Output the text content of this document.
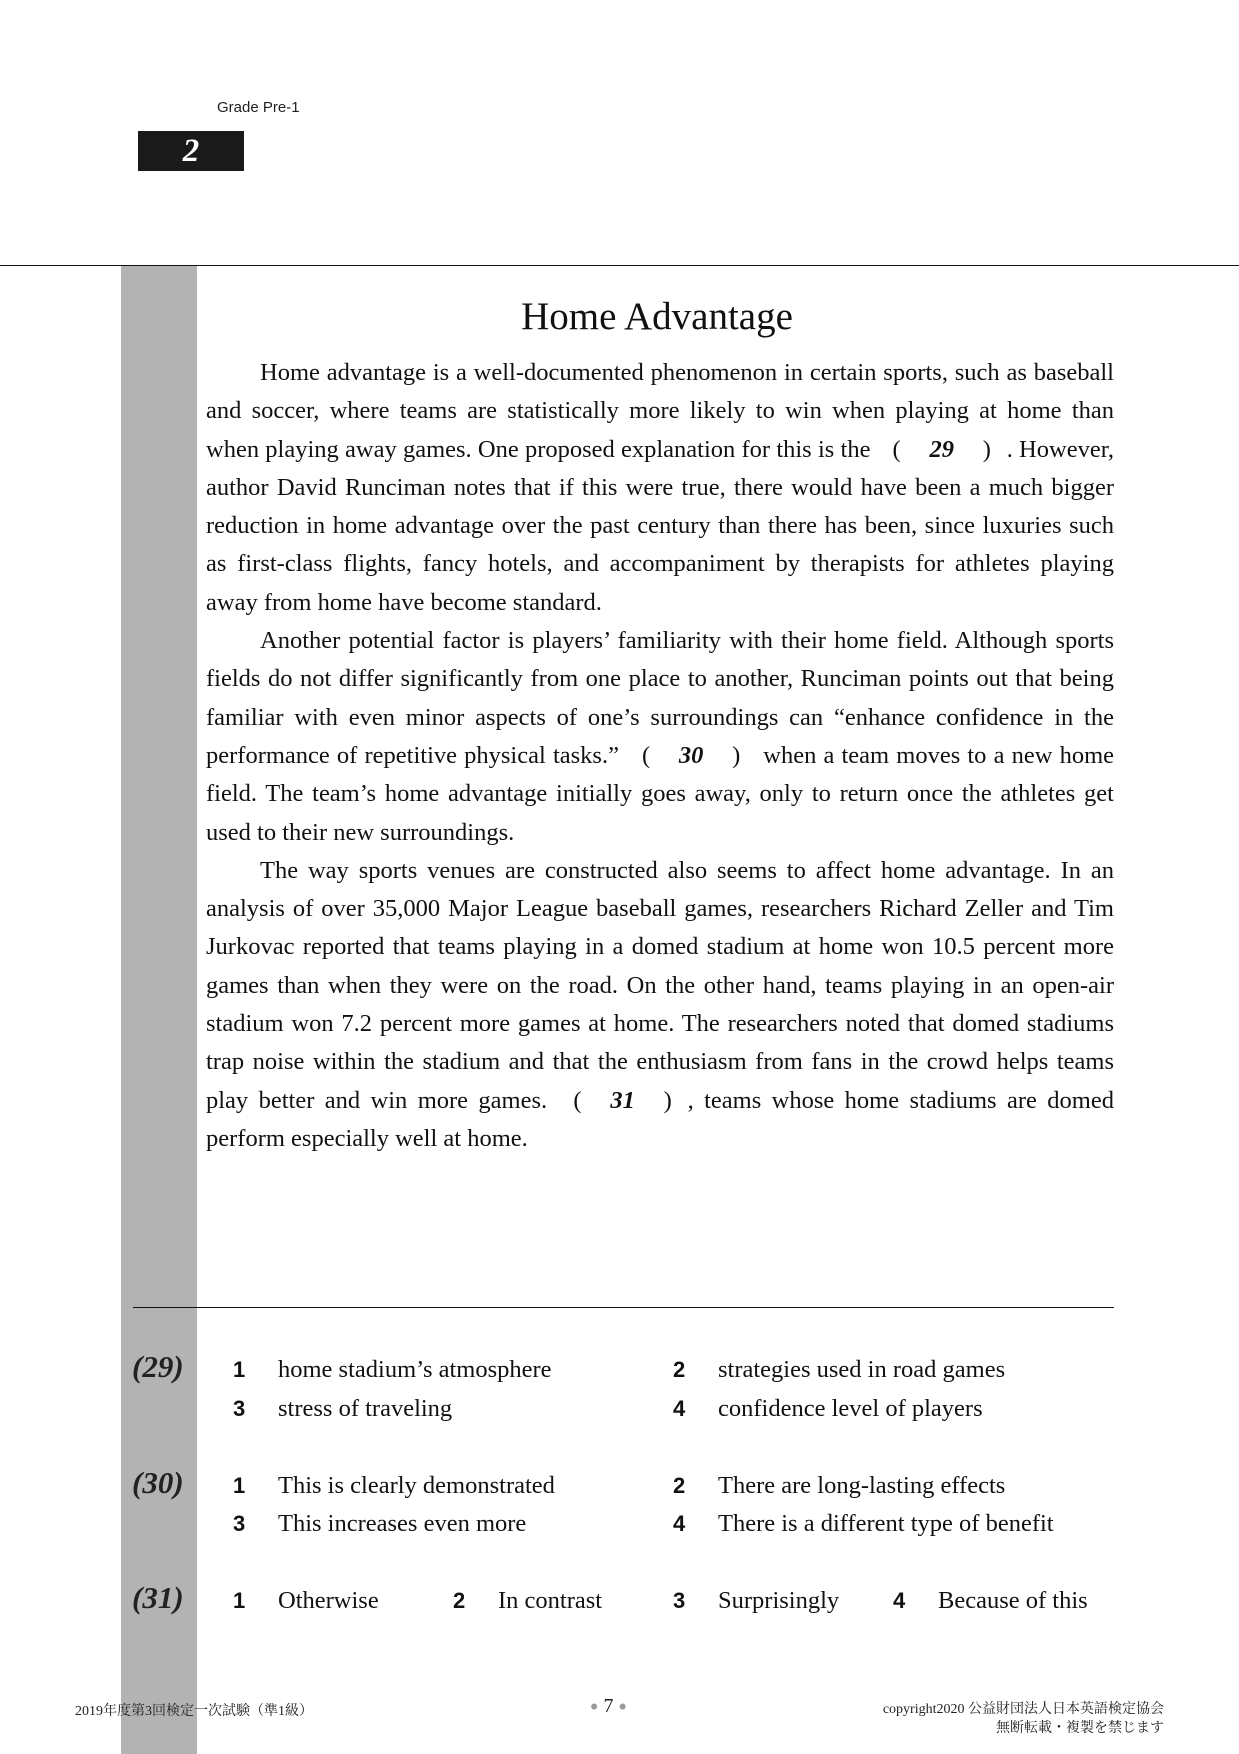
Grade Pre-1
2
Home Advantage

Home advantage is a well-documented phenomenon in certain sports, such as baseball and soccer, where teams are statistically more likely to win when playing at home than when playing away games. One proposed explanation for this is the ( 29 ) . However, author David Runciman notes that if this were true, there would have been a much bigger reduction in home advantage over the past century than there has been, since luxuries such as first-class flights, fancy hotels, and accompaniment by therapists for athletes playing away from home have become standard.

Another potential factor is players’ familiarity with their home field. Although sports fields do not differ significantly from one place to another, Runciman points out that being familiar with even minor aspects of one’s surroundings can “enhance confidence in the performance of repetitive physical tasks.” ( 30 ) when a team moves to a new home field. The team’s home advantage initially goes away, only to return once the athletes get used to their new surroundings.

The way sports venues are constructed also seems to affect home advantage. In an analysis of over 35,000 Major League baseball games, researchers Richard Zeller and Tim Jurkovac reported that teams playing in a domed stadium at home won 10.5 percent more games than when they were on the road. On the other hand, teams playing in an open-air stadium won 7.2 percent more games at home. The researchers noted that domed stadiums trap noise within the stadium and that the enthusiasm from fans in the crowd helps teams play better and win more games. ( 31 ) , teams whose home stadiums are domed perform especially well at home.

(29) 1 home stadium’s atmosphere	2 strategies used in road games
3 stress of traveling	4 confidence level of players
(30) 1 This is clearly demonstrated	2 There are long-lasting effects
3 This increases even more	4 There is a different type of benefit
(31) 1 Otherwise	2 In contrast	3 Surprisingly 4 Because of this
2019年度第3回検定一次試験（準1級）	● 7 ●	copyright2020 公益財団法人日本英語検定協会
無断転載・複製を禁じます
